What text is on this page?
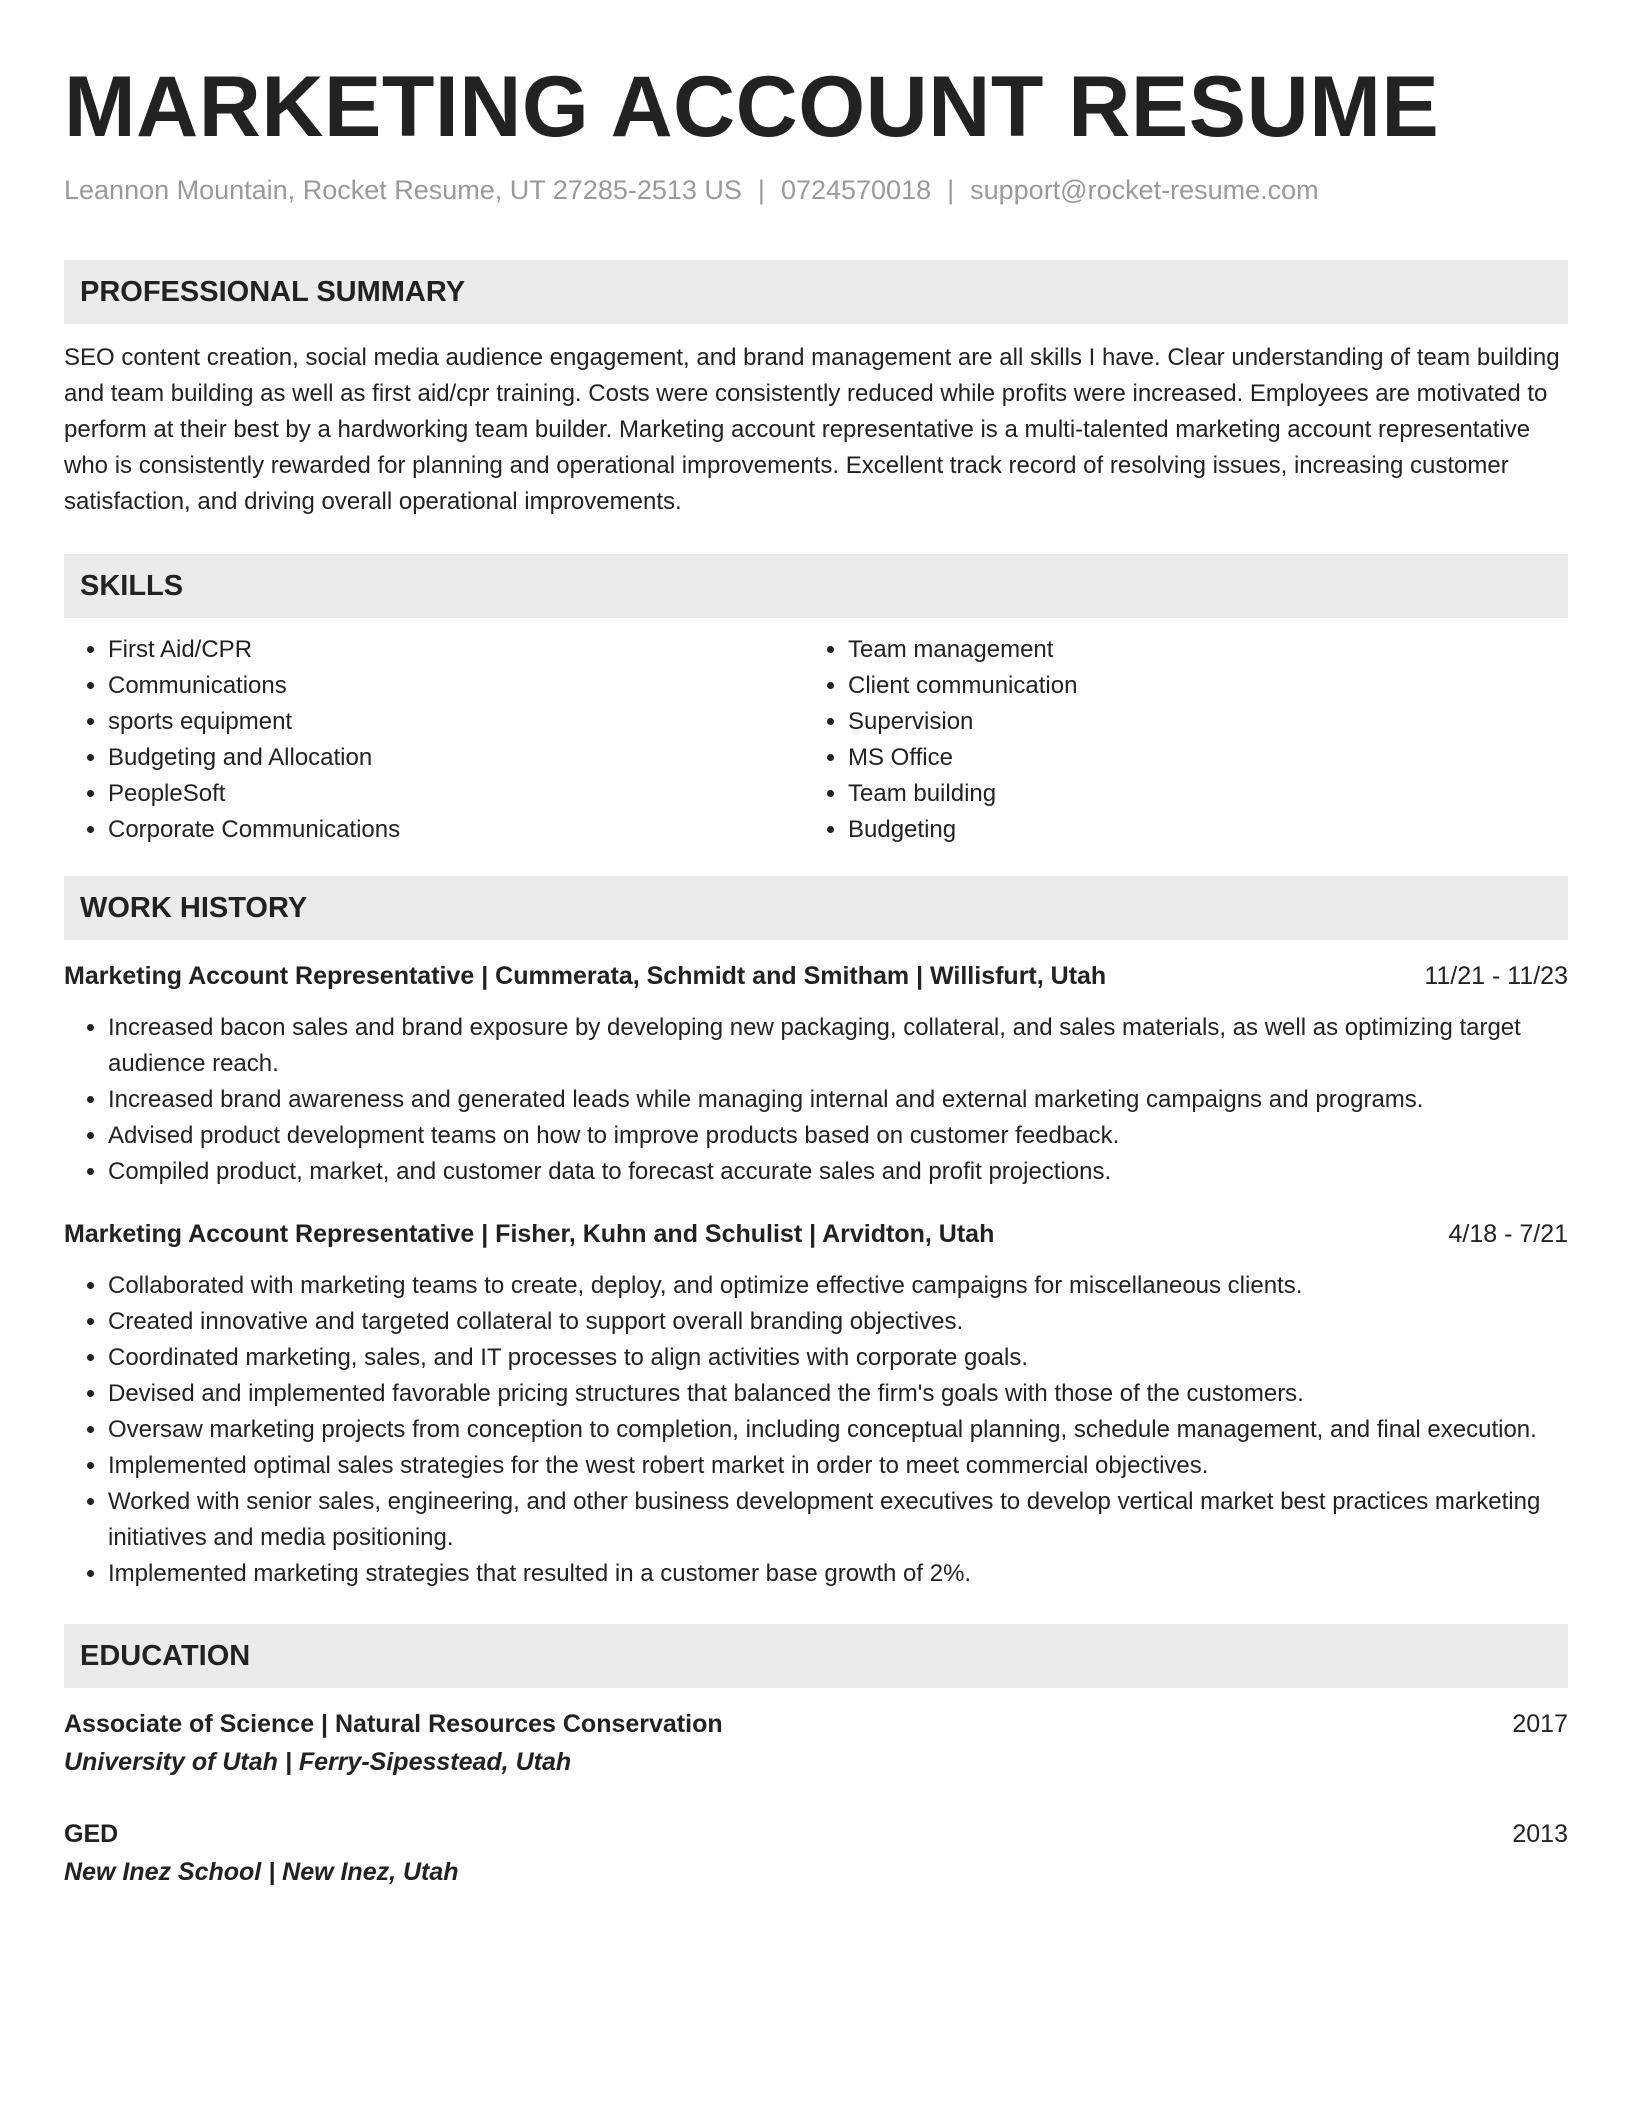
MARKETING ACCOUNT RESUME
Leannon Mountain, Rocket Resume, UT 27285-2513 US | 0724570018 | support@rocket-resume.com
PROFESSIONAL SUMMARY
SEO content creation, social media audience engagement, and brand management are all skills I have. Clear understanding of team building and team building as well as first aid/cpr training. Costs were consistently reduced while profits were increased. Employees are motivated to perform at their best by a hardworking team builder. Marketing account representative is a multi-talented marketing account representative who is consistently rewarded for planning and operational improvements. Excellent track record of resolving issues, increasing customer satisfaction, and driving overall operational improvements.
SKILLS
• First Aid/CPR
• Communications
• sports equipment
• Budgeting and Allocation
• PeopleSoft
• Corporate Communications
• Team management
• Client communication
• Supervision
• MS Office
• Team building
• Budgeting
WORK HISTORY
Marketing Account Representative | Cummerata, Schmidt and Smitham | Willisfurt, Utah	11/21 - 11/23
• Increased bacon sales and brand exposure by developing new packaging, collateral, and sales materials, as well as optimizing target audience reach.
• Increased brand awareness and generated leads while managing internal and external marketing campaigns and programs.
• Advised product development teams on how to improve products based on customer feedback.
• Compiled product, market, and customer data to forecast accurate sales and profit projections.
Marketing Account Representative | Fisher, Kuhn and Schulist | Arvidton, Utah	4/18 - 7/21
• Collaborated with marketing teams to create, deploy, and optimize effective campaigns for miscellaneous clients.
• Created innovative and targeted collateral to support overall branding objectives.
• Coordinated marketing, sales, and IT processes to align activities with corporate goals.
• Devised and implemented favorable pricing structures that balanced the firm's goals with those of the customers.
• Oversaw marketing projects from conception to completion, including conceptual planning, schedule management, and final execution.
• Implemented optimal sales strategies for the west robert market in order to meet commercial objectives.
• Worked with senior sales, engineering, and other business development executives to develop vertical market best practices marketing initiatives and media positioning.
• Implemented marketing strategies that resulted in a customer base growth of 2%.
EDUCATION
Associate of Science | Natural Resources Conservation	2017
University of Utah | Ferry-Sipesstead, Utah
GED	2013
New Inez School | New Inez, Utah
